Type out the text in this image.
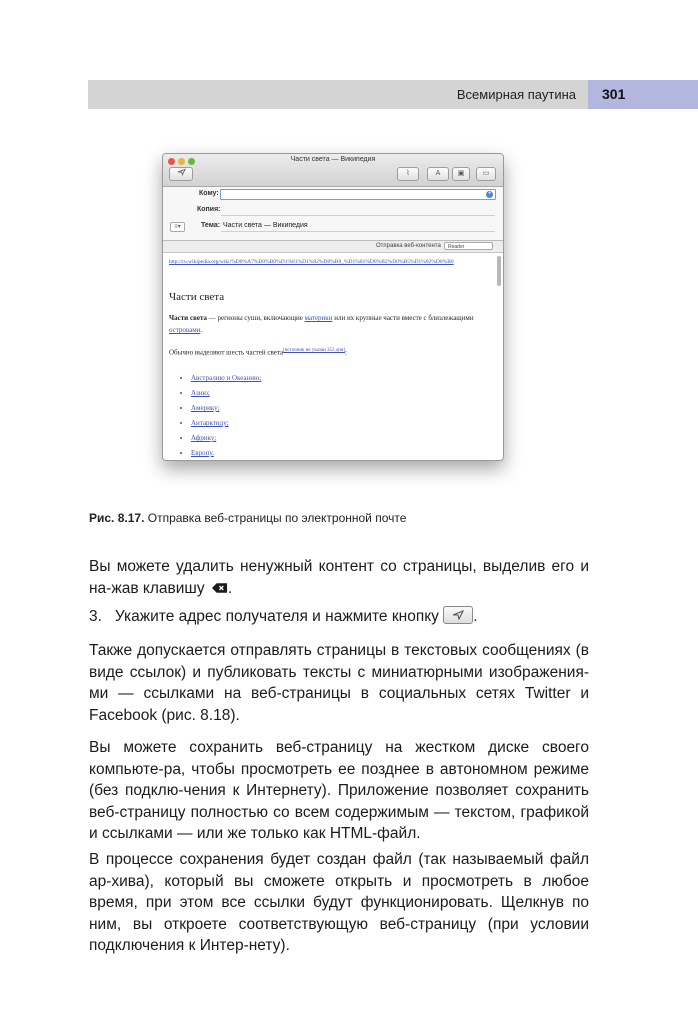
Всемирная паутина 301
Части света — Википедия
⌇	A	▣	▭
Кому:	+
Копия:
≡▾	Тема: Части света — Википедия
Отправка веб-контента	Reader
http://ru.wikipedia.org/wiki/%D0%A7%D0%B0%D1%81%D1%82%D0%B8_%D1%81%D0%B2%D0%B5%D1%82%D0%B0
Части света
Части света — регионы суши, включающие материки или их крупные части вместе с близлежащими островами.
Обычно выделяют шесть частей света[источник не указан 353 дня]:
• Австралию и Океанию;
• Азию;
• Америку;
• Антарктиду;
• Африку;
• Европу.
Рис. 8.17. Отправка веб-страницы по электронной почте

Вы можете удалить ненужный контент со страницы, выделив его и на-жав клавишу .

3.   Укажите адрес получателя и нажмите кнопку .

Также допускается отправлять страницы в текстовых сообщениях (в виде ссылок) и публиковать тексты с миниатюрными изображения-ми — ссылками на веб-страницы в социальных сетях Twitter и Facebook (рис. 8.18).

Вы можете сохранить веб-страницу на жестком диске своего компьюте-ра, чтобы просмотреть ее позднее в автономном режиме (без подклю-чения к Интернету). Приложение позволяет сохранить веб-страницу полностью со всем содержимым — текстом, графикой и ссылками — или же только как HTML-файл.

В процессе сохранения будет создан файл (так называемый файл ар-хива), который вы сможете открыть и просмотреть в любое время, при этом все ссылки будут функционировать. Щелкнув по ним, вы откроете соответствующую веб-страницу (при условии подключения к Интер-нету).
